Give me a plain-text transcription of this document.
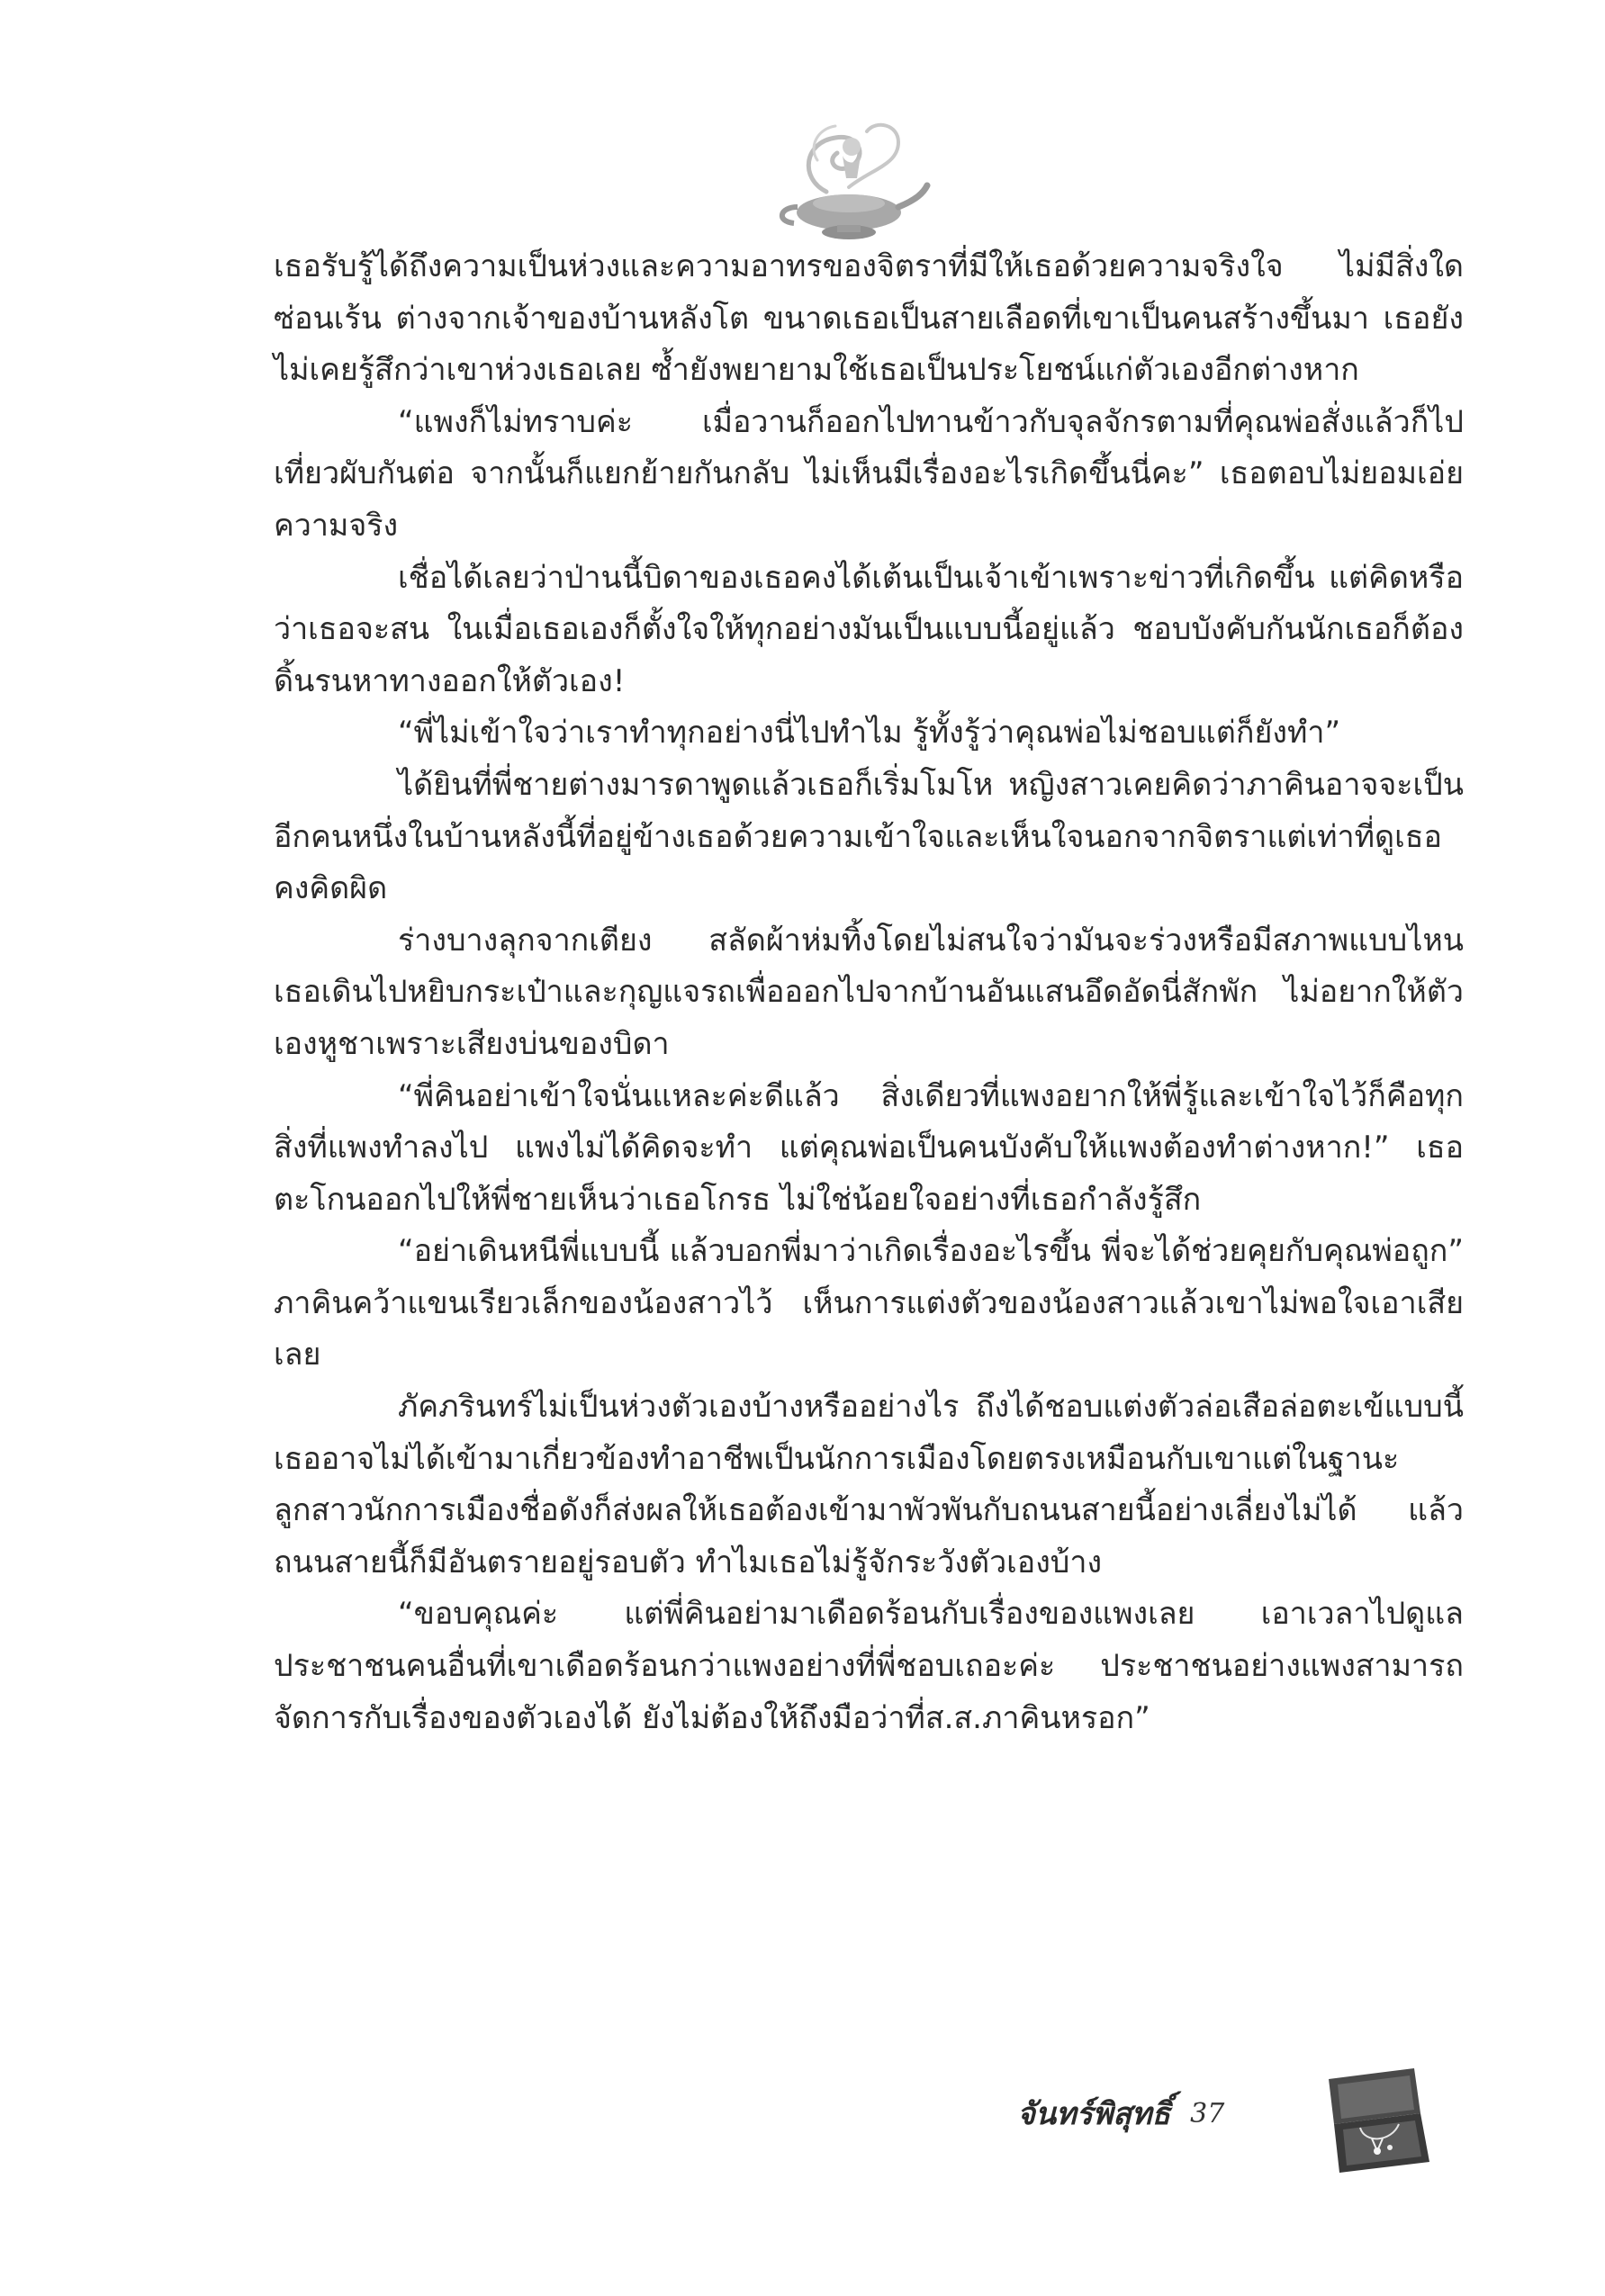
เธอรับรู้ได้ถึงความเป็นห่วงและความอาทรของจิตราที่มีให้เธอด้วยความจริงใจ ไม่มีสิ่งใดซ่อนเร้น ต่างจากเจ้าของบ้านหลังโต ขนาดเธอเป็นสายเลือดที่เขาเป็นคนสร้างขึ้นมา เธอยังไม่เคยรู้สึกว่าเขาห่วงเธอเลย ซ้ำยังพยายามใช้เธอเป็นประโยชน์แก่ตัวเองอีกต่างหาก

“แพงก็ไม่ทราบค่ะ เมื่อวานก็ออกไปทานข้าวกับจุลจักรตามที่คุณพ่อสั่งแล้วก็ไปเที่ยวผับกันต่อ จากนั้นก็แยกย้ายกันกลับ ไม่เห็นมีเรื่องอะไรเกิดขึ้นนี่คะ” เธอตอบไม่ยอมเอ่ยความจริง

เชื่อได้เลยว่าป่านนี้บิดาของเธอคงได้เต้นเป็นเจ้าเข้าเพราะข่าวที่เกิดขึ้น แต่คิดหรือว่าเธอจะสน ในเมื่อเธอเองก็ตั้งใจให้ทุกอย่างมันเป็นแบบนี้อยู่แล้ว ชอบบังคับกันนักเธอก็ต้องดิ้นรนหาทางออกให้ตัวเอง!

“พี่ไม่เข้าใจว่าเราทำทุกอย่างนี่ไปทำไม รู้ทั้งรู้ว่าคุณพ่อไม่ชอบแต่ก็ยังทำ”

ได้ยินที่พี่ชายต่างมารดาพูดแล้วเธอก็เริ่มโมโห หญิงสาวเคยคิดว่าภาคินอาจจะเป็นอีกคนหนึ่งในบ้านหลังนี้ที่อยู่ข้างเธอด้วยความเข้าใจและเห็นใจนอกจากจิตราแต่เท่าที่ดูเธอคงคิดผิด

ร่างบางลุกจากเตียง สลัดผ้าห่มทิ้งโดยไม่สนใจว่ามันจะร่วงหรือมีสภาพแบบไหน เธอเดินไปหยิบกระเป๋าและกุญแจรถเพื่อออกไปจากบ้านอันแสนอึดอัดนี่สักพัก ไม่อยากให้ตัวเองหูชาเพราะเสียงบ่นของบิดา

“พี่คินอย่าเข้าใจนั่นแหละค่ะดีแล้ว สิ่งเดียวที่แพงอยากให้พี่รู้และเข้าใจไว้ก็คือทุกสิ่งที่แพงทำลงไป แพงไม่ได้คิดจะทำ แต่คุณพ่อเป็นคนบังคับให้แพงต้องทำต่างหาก!” เธอตะโกนออกไปให้พี่ชายเห็นว่าเธอโกรธ ไม่ใช่น้อยใจอย่างที่เธอกำลังรู้สึก

“อย่าเดินหนีพี่แบบนี้ แล้วบอกพี่มาว่าเกิดเรื่องอะไรขึ้น พี่จะได้ช่วยคุยกับคุณพ่อถูก” ภาคินคว้าแขนเรียวเล็กของน้องสาวไว้ เห็นการแต่งตัวของน้องสาวแล้วเขาไม่พอใจเอาเสียเลย

ภัคภรินทร์ไม่เป็นห่วงตัวเองบ้างหรืออย่างไร ถึงได้ชอบแต่งตัวล่อเสือล่อตะเข้แบบนี้ เธออาจไม่ได้เข้ามาเกี่ยวข้องทำอาชีพเป็นนักการเมืองโดยตรงเหมือนกับเขาแต่ในฐานะลูกสาวนักการเมืองชื่อดังก็ส่งผลให้เธอต้องเข้ามาพัวพันกับถนนสายนี้อย่างเลี่ยงไม่ได้ แล้วถนนสายนี้ก็มีอันตรายอยู่รอบตัว ทำไมเธอไม่รู้จักระวังตัวเองบ้าง

“ขอบคุณค่ะ แต่พี่คินอย่ามาเดือดร้อนกับเรื่องของแพงเลย เอาเวลาไปดูแลประชาชนคนอื่นที่เขาเดือดร้อนกว่าแพงอย่างที่พี่ชอบเถอะค่ะ ประชาชนอย่างแพงสามารถจัดการกับเรื่องของตัวเองได้ ยังไม่ต้องให้ถึงมือว่าที่ส.ส.ภาคินหรอก”

จันทร์พิสุทธิ์ 37
